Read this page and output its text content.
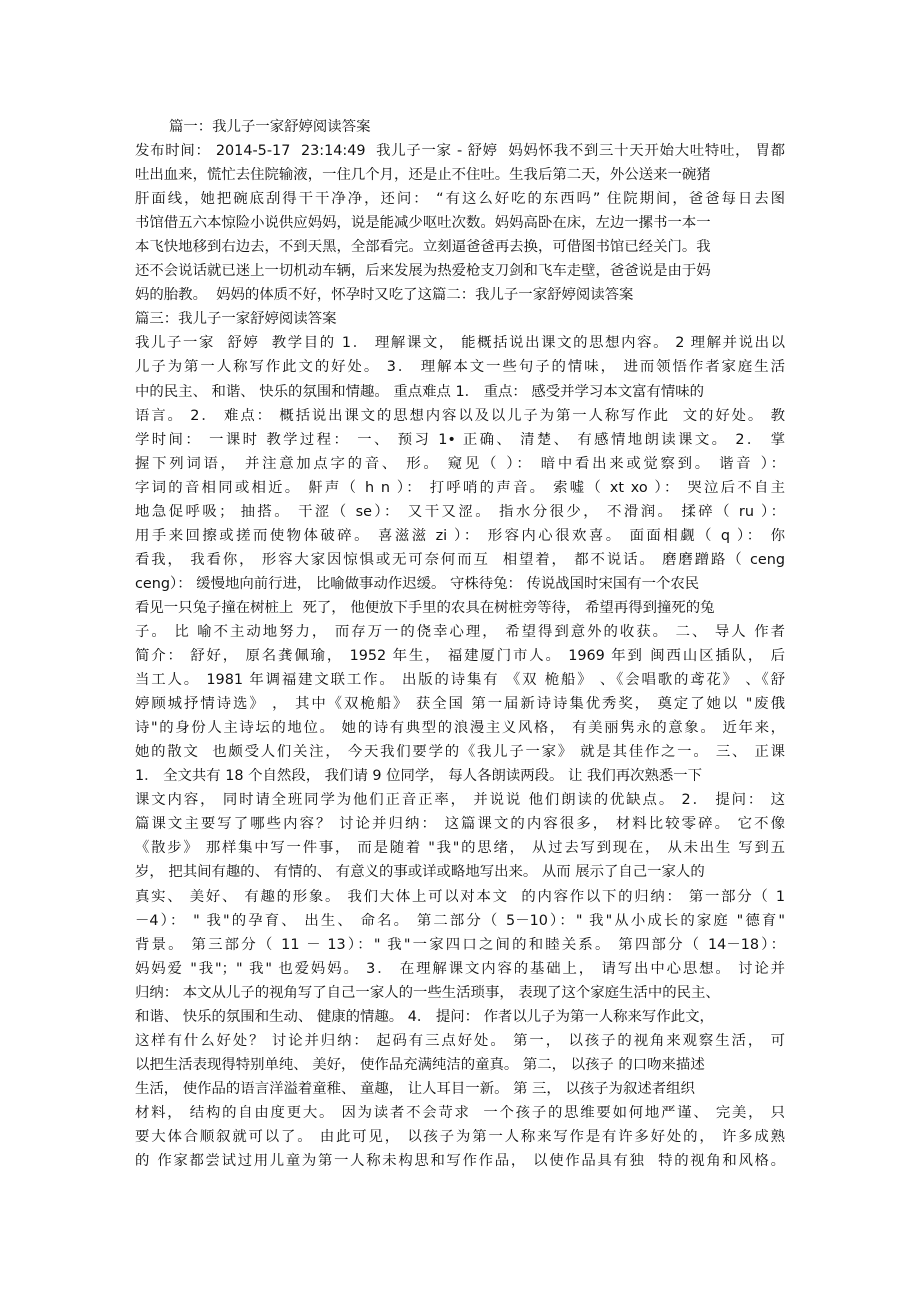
篇一：我儿子一家舒婷阅读答案
发布时间： 2014-5-17  23:14:49  我儿子一家 - 舒婷  妈妈怀我不到三十天开始大吐特吐， 胃都
吐出血来，慌忙去住院输液，一住几个月，还是止不住吐。生我后第二天，外公送来一碗猪
肝面线，她把碗底刮得干干净净，还问： “有这么好吃的东西吗” 住院期间，爸爸每日去图
书馆借五六本惊险小说供应妈妈，说是能减少呕吐次数。妈妈高卧在床，左边一摞书一本一
本飞快地移到右边去，不到天黑，全部看完。立刻逼爸爸再去换，可借图书馆已经关门。我
还不会说话就已迷上一切机动车辆，后来发展为热爱枪支刀剑和飞车走壁，爸爸说是由于妈
妈的胎教。  妈妈的体质不好，怀孕时又吃了这篇二：我儿子一家舒婷阅读答案
篇三：我儿子一家舒婷阅读答案
我儿子一家  舒婷  教学目的 1． 理解课文， 能概括说出课文的思想内容。 2 理解并说出以
儿子为第一人称写作此文的好处。 3． 理解本文一些句子的情味， 进而领悟作者家庭生活
中的民主、 和谐、 快乐的氛围和情趣。 重点难点 1． 重点： 感受并学习本文富有情味的
语言。 2． 难点： 概括说出课文的思想内容以及以儿子为第一人称写作此  文的好处。 教
学时间： 一课时 教学过程： 一、 预习 1• 正确、 清楚、 有感情地朗读课文。 2． 掌
握下列词语， 并注意加点字的音、 形。 窥见（ ）： 暗中看出来或觉察到。 谐音 ）：
字词的音相同或相近。 鼾声（ h n ）： 打呼哨的声音。 索嘘（ xt xo ）： 哭泣后不自主
地急促呼吸； 抽搭。 干涩（ se）： 又干又涩。 指水分很少， 不滑润。 揉碎（ ru ）：
用手来回擦或搓而使物体破碎。 喜滋滋 zi ）： 形容内心很欢喜。 面面相觑（ q ）： 你
看我， 我看你， 形容大家因惊惧或无可奈何而互  相望着， 都不说话。 磨磨蹭路（ ceng
ceng）： 缓慢地向前行进， 比喻做事动作迟缓。 守株待兔： 传说战国时宋国有一个农民
看见一只兔子撞在树桩上  死了， 他便放下手里的农具在树桩旁等待， 希望再得到撞死的兔
子。 比 喻不主动地努力， 而存万一的侥幸心理， 希望得到意外的收获。 二、 导人 作者
简介： 舒好， 原名龚佩瑜， 1952 年生， 福建厦门市人。 1969 年到 闽西山区插队， 后
当工人。 1981 年调福建文联工作。 出版的诗集有 《双 桅船》 、《会唱歌的鸢花》 、《舒
婷顾城抒情诗选》 ， 其中《双桅船》 获全国 第一届新诗诗集优秀奖， 奠定了她以 "废俄
诗"的身份人主诗坛的地位。 她的诗有典型的浪漫主义风格， 有美丽隽永的意象。 近年来，
她的散文  也颇受人们关注， 今天我们要学的《我儿子一家》 就是其佳作之一。 三、 正课
1． 全文共有 18 个自然段， 我们请 9 位同学， 每人各朗读两段。 让 我们再次熟悉一下
课文内容， 同时请全班同学为他们正音正率， 并说说 他们朗读的优缺点。 2． 提问： 这
篇课文主要写了哪些内容？ 讨论并归纳： 这篇课文的内容很多， 材料比较零碎。 它不像
《散步》 那样集中写一件事， 而是随着 "我"的思绪， 从过去写到现在， 从未出生 写到五
岁， 把其间有趣的、 有情的、 有意义的事或详或略地写出来。 从而 展示了自己一家人的
真实、 美好、 有趣的形象。 我们大体上可以对本文  的内容作以下的归纳： 第一部分（ 1
－4）： " 我"的孕育、 出生、 命名。 第二部分（ 5－10）：" 我"从小成长的家庭 "德育"
背景。 第三部分（ 11 － 13）：" 我"一家四口之间的和睦关系。 第四部分（ 14－18）：
妈妈爱 "我"；" 我" 也爱妈妈。 3． 在理解课文内容的基础上， 请写出中心思想。 讨论并
归纳： 本文从儿子的视角写了自己一家人的一些生活琐事， 表现了这个家庭生活中的民主、
和谐、 快乐的氛围和生动、 健康的情趣。 4． 提问： 作者以儿子为第一人称来写作此文，
这样有什么好处？ 讨论并归纳： 起码有三点好处。 第一， 以孩子的视角来观察生活， 可
以把生活表现得特别单纯、 美好， 使作品充满纯洁的童真。 第二， 以孩子 的口吻来描述
生活， 使作品的语言洋溢着童稚、 童趣， 让人耳目一新。 第 三， 以孩子为叙述者组织
材料， 结构的自由度更大。 因为读者不会苛求  一个孩子的思维要如何地严谨、 完美， 只
要大体合顺叙就可以了。 由此可见， 以孩子为第一人称来写作是有许多好处的， 许多成熟
的 作家都尝试过用儿童为第一人称未构思和写作作品， 以使作品具有独  特的视角和风格。
